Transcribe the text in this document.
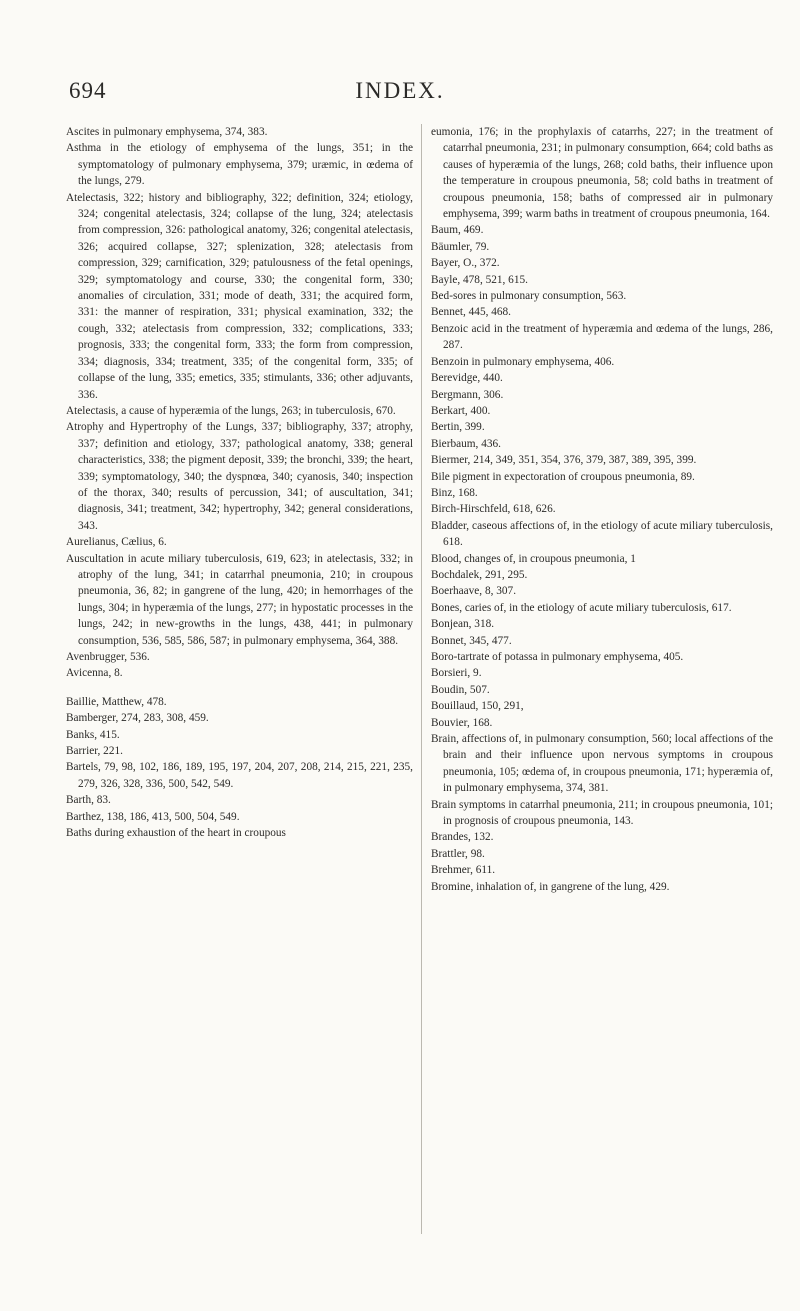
694	INDEX.

Ascites in pulmonary emphysema, 374, 383.

Asthma in the etiology of emphysema of the lungs, 351; in the symptomatology of pulmonary emphysema, 379; uræmic, in œdema of the lungs, 279.

Atelectasis, 322; history and bibliography, 322; definition, 324; etiology, 324; congenital atelectasis, 324; collapse of the lung, 324; atelectasis from compression, 326: pathological anatomy, 326; congenital atelectasis, 326; acquired collapse, 327; splenization, 328; atelectasis from compression, 329; carnification, 329; patulousness of the fetal openings, 329; symptomatology and course, 330; the congenital form, 330; anomalies of circulation, 331; mode of death, 331; the acquired form, 331: the manner of respiration, 331; physical examination, 332; the cough, 332; atelectasis from compression, 332; complications, 333; prognosis, 333; the congenital form, 333; the form from compression, 334; diagnosis, 334; treatment, 335; of the congenital form, 335; of collapse of the lung, 335; emetics, 335; stimulants, 336; other adjuvants, 336.

Atelectasis, a cause of hyperæmia of the lungs, 263; in tuberculosis, 670.

Atrophy and Hypertrophy of the Lungs, 337; bibliography, 337; atrophy, 337; definition and etiology, 337; pathological anatomy, 338; general characteristics, 338; the pigment deposit, 339; the bronchi, 339; the heart, 339; symptomatology, 340; the dyspnœa, 340; cyanosis, 340; inspection of the thorax, 340; results of percussion, 341; of auscultation, 341; diagnosis, 341; treatment, 342; hypertrophy, 342; general considerations, 343.

Aurelianus, Cælius, 6.

Auscultation in acute miliary tuberculosis, 619, 623; in atelectasis, 332; in atrophy of the lung, 341; in catarrhal pneumonia, 210; in croupous pneumonia, 36, 82; in gangrene of the lung, 420; in hemorrhages of the lungs, 304; in hyperæmia of the lungs, 277; in hypostatic processes in the lungs, 242; in new-growths in the lungs, 438, 441; in pulmonary consumption, 536, 585, 586, 587; in pulmonary emphysema, 364, 388.

Avenbrugger, 536.

Avicenna, 8.

Baillie, Matthew, 478.

Bamberger, 274, 283, 308, 459.

Banks, 415.

Barrier, 221.

Bartels, 79, 98, 102, 186, 189, 195, 197, 204, 207, 208, 214, 215, 221, 235, 279, 326, 328, 336, 500, 542, 549.

Barth, 83.

Barthez, 138, 186, 413, 500, 504, 549.

Baths during exhaustion of the heart in croupous

eumonia, 176; in the prophylaxis of catarrhs, 227; in the treatment of catarrhal pneumonia, 231; in pulmonary consumption, 664; cold baths as causes of hyperæmia of the lungs, 268; cold baths, their influence upon the temperature in croupous pneumonia, 58; cold baths in treatment of croupous pneumonia, 158; baths of compressed air in pulmonary emphysema, 399; warm baths in treatment of croupous pneumonia, 164.

Baum, 469.

Bäumler, 79.

Bayer, O., 372.

Bayle, 478, 521, 615.

Bed-sores in pulmonary consumption, 563.

Bennet, 445, 468.

Benzoic acid in the treatment of hyperæmia and œdema of the lungs, 286, 287.

Benzoin in pulmonary emphysema, 406.

Berevidge, 440.

Bergmann, 306.

Berkart, 400.

Bertin, 399.

Bierbaum, 436.

Biermer, 214, 349, 351, 354, 376, 379, 387, 389, 395, 399.

Bile pigment in expectoration of croupous pneumonia, 89.

Binz, 168.

Birch-Hirschfeld, 618, 626.

Bladder, caseous affections of, in the etiology of acute miliary tuberculosis, 618.

Blood, changes of, in croupous pneumonia, 1

Bochdalek, 291, 295.

Boerhaave, 8, 307.

Bones, caries of, in the etiology of acute miliary tuberculosis, 617.

Bonjean, 318.

Bonnet, 345, 477.

Boro-tartrate of potassa in pulmonary emphysema, 405.

Borsieri, 9.

Boudin, 507.

Bouillaud, 150, 291,

Bouvier, 168.

Brain, affections of, in pulmonary consumption, 560; local affections of the brain and their influence upon nervous symptoms in croupous pneumonia, 105; œdema of, in croupous pneumonia, 171; hyperæmia of, in pulmonary emphysema, 374, 381.

Brain symptoms in catarrhal pneumonia, 211; in croupous pneumonia, 101; in prognosis of croupous pneumonia, 143.

Brandes, 132.

Brattler, 98.

Brehmer, 611.

Bromine, inhalation of, in gangrene of the lung, 429.
